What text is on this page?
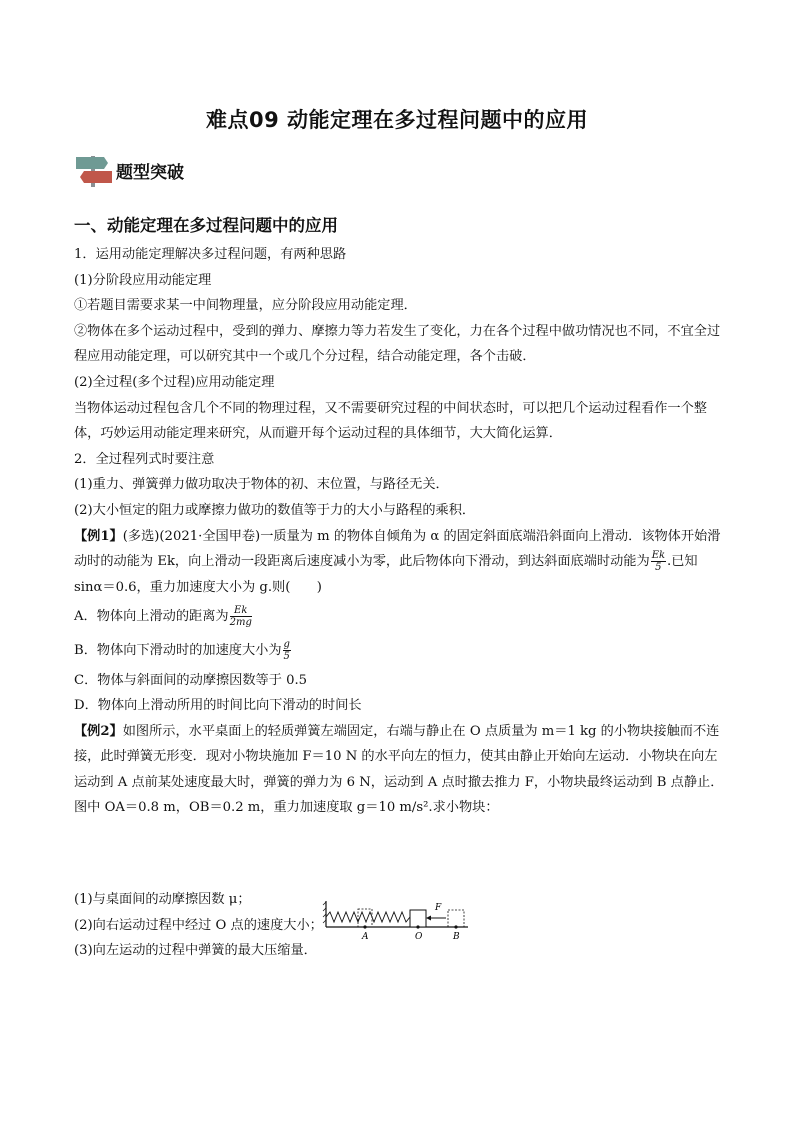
难点09 动能定理在多过程问题中的应用
题型突破
一、动能定理在多过程问题中的应用

1．运用动能定理解决多过程问题，有两种思路

(1)分阶段应用动能定理

①若题目需要求某一中间物理量，应分阶段应用动能定理．

②物体在多个运动过程中，受到的弹力、摩擦力等力若发生了变化，力在各个过程中做功情况也不同，不宜全过程应用动能定理，可以研究其中一个或几个分过程，结合动能定理，各个击破．

(2)全过程(多个过程)应用动能定理

当物体运动过程包含几个不同的物理过程，又不需要研究过程的中间状态时，可以把几个运动过程看作一个整体，巧妙运用动能定理来研究，从而避开每个运动过程的具体细节，大大简化运算．

2．全过程列式时要注意

(1)重力、弹簧弹力做功取决于物体的初、末位置，与路径无关．

(2)大小恒定的阻力或摩擦力做功的数值等于力的大小与路程的乘积．

【例1】(多选)(2021·全国甲卷)一质量为 m 的物体自倾角为 α 的固定斜面底端沿斜面向上滑动．该物体开始滑动时的动能为 Ek，向上滑动一段距离后速度减小为零，此后物体向下滑动，到达斜面底端时动能为 $\frac{Ek}{5}$ .已知 sinα＝0.6，重力加速度大小为 g.则(　　)

A．物体向上滑动的距离为 $\frac{Ek}{2mg}$

B．物体向下滑动时的加速度大小为 $\frac{g}{5}$

C．物体与斜面间的动摩擦因数等于 0.5

D．物体向上滑动所用的时间比向下滑动的时间长

【例2】如图所示，水平桌面上的轻质弹簧左端固定，右端与静止在 O 点质量为 m＝1 kg 的小物块接触而不连接，此时弹簧无形变．现对小物块施加 F＝10 N 的水平向左的恒力，使其由静止开始向左运动．小物块在向左运动到 A 点前某处速度最大时，弹簧的弹力为 6 N，运动到 A 点时撤去推力 F，小物块最终运动到 B 点静止．图中 OA＝0.8 m，OB＝0.2 m，重力加速度取 g＝10 m/s².求小物块：

(1)与桌面间的动摩擦因数 μ；

(2)向右运动过程中经过 O 点的速度大小；

(3)向左运动的过程中弹簧的最大压缩量．

F
A	O	B
